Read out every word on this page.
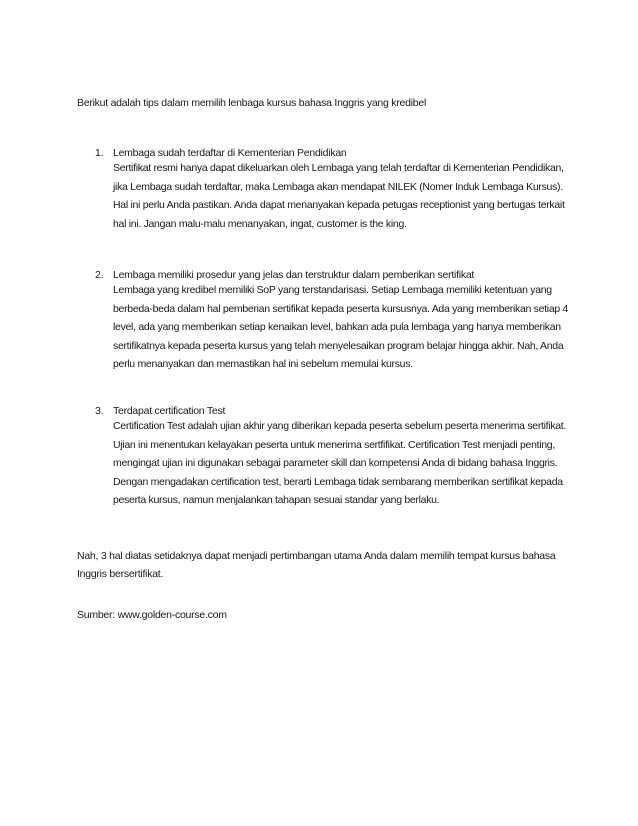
Berikut adalah tips dalam memilih lenbaga kursus bahasa Inggris yang kredibel

1. Lembaga sudah terdaftar di Kementerian Pendidikan

Sertifikat resmi hanya dapat dikeluarkan oleh Lembaga yang telah terdaftar di Kementerian Pendidikan, jika Lembaga sudah terdaftar, maka Lembaga akan mendapat NILEK (Nomer Induk Lembaga Kursus). Hal ini perlu Anda pastikan. Anda dapat menanyakan kepada petugas receptionist yang bertugas terkait hal ini. Jangan malu-malu menanyakan, ingat, customer is the king.

2. Lembaga memiliki prosedur yang jelas dan terstruktur dalam pemberikan sertifikat

Lembaga yang kredibel memiliki SoP yang terstandarisasi. Setiap Lembaga memiliki ketentuan yang berbeda-beda dalam hal pemberian sertifikat kepada peserta kursusnya. Ada yang memberikan setiap 4 level, ada yang memberikan setiap kenaikan level, bahkan ada pula lembaga yang hanya memberikan sertifikatnya kepada peserta kursus yang telah menyelesaikan program belajar hingga akhir. Nah, Anda perlu menanyakan dan memastikan hal ini sebelum memulai kursus.

3. Terdapat certification Test

Certification Test adalah ujian akhir yang diberikan kepada peserta sebelum peserta menerima sertifikat. Ujian ini menentukan kelayakan peserta untuk menerima sertfifikat. Certification Test menjadi penting, mengingat ujian ini digunakan sebagai parameter skill dan kompetensi Anda di bidang bahasa Inggris. Dengan mengadakan certification test, berarti Lembaga tidak sembarang memberikan sertifikat kepada peserta kursus, namun menjalankan tahapan sesuai standar yang berlaku.

Nah, 3 hal diatas setidaknya dapat menjadi pertimbangan utama Anda dalam memilih tempat kursus bahasa Inggris bersertifikat.

Sumber: www.golden-course.com
